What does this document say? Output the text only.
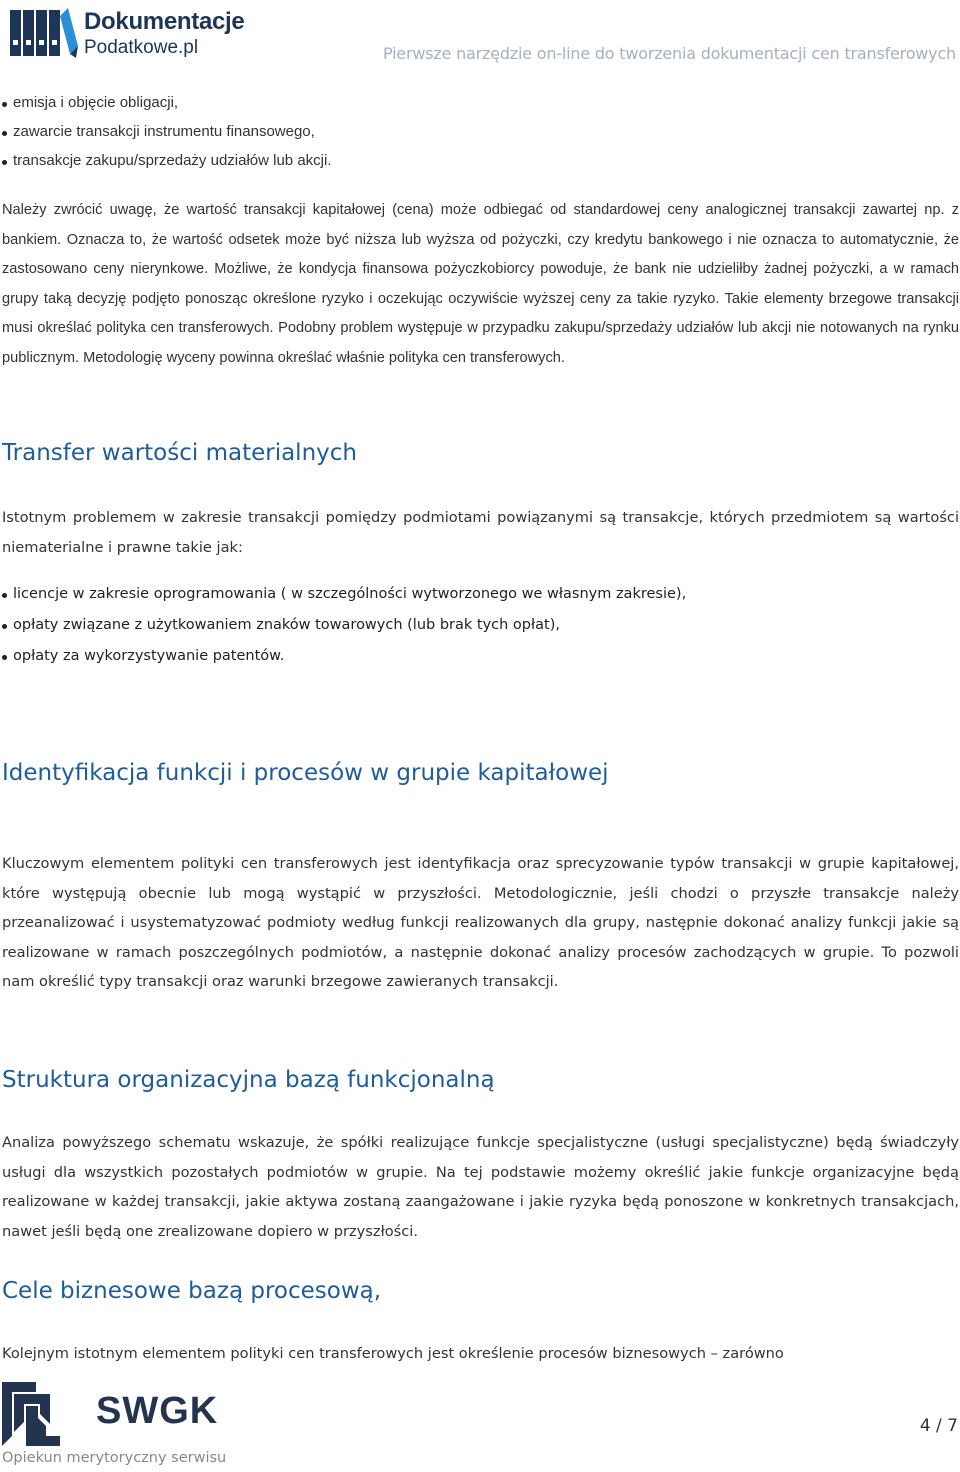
Dokumentacje
Podatkowe.pl	Pierwsze narzędzie on-line do tworzenia dokumentacji cen transferowych
emisja i objęcie obligacji,
zawarcie transakcji instrumentu finansowego,
transakcje zakupu/sprzedaży udziałów lub akcji.

Należy zwrócić uwagę, że wartość transakcji kapitałowej (cena) może odbiegać od standardowej ceny analogicznej transakcji zawartej np. z bankiem. Oznacza to, że wartość odsetek może być niższa lub wyższa od pożyczki, czy kredytu bankowego i nie oznacza to automatycznie, że zastosowano ceny nierynkowe. Możliwe, że kondycja finansowa pożyczkobiorcy powoduje, że bank nie udzieliłby żadnej pożyczki, a w ramach grupy taką decyzję podjęto ponosząc określone ryzyko i oczekując oczywiście wyższej ceny za takie ryzyko. Takie elementy brzegowe transakcji musi określać polityka cen transferowych. Podobny problem występuje w przypadku zakupu/sprzedaży udziałów lub akcji nie notowanych na rynku publicznym. Metodologię wyceny powinna określać właśnie polityka cen transferowych.

Transfer wartości materialnych

Istotnym problemem w zakresie transakcji pomiędzy podmiotami powiązanymi są transakcje, których przedmiotem są wartości niematerialne i prawne takie jak:

licencje w zakresie oprogramowania ( w szczególności wytworzonego we własnym zakresie),
opłaty związane z użytkowaniem znaków towarowych (lub brak tych opłat),
opłaty za wykorzystywanie patentów.
Identyfikacja funkcji i procesów w grupie kapitałowej

Kluczowym elementem polityki cen transferowych jest identyfikacja oraz sprecyzowanie typów transakcji w grupie kapitałowej, które występują obecnie lub mogą wystąpić w przyszłości. Metodologicznie, jeśli chodzi o przyszłe transakcje należy przeanalizować i usystematyzować podmioty według funkcji realizowanych dla grupy, następnie dokonać analizy funkcji jakie są realizowane w ramach poszczególnych podmiotów, a następnie dokonać analizy procesów zachodzących w grupie. To pozwoli nam określić typy transakcji oraz warunki brzegowe zawieranych transakcji.

Struktura organizacyjna bazą funkcjonalną

Analiza powyższego schematu wskazuje, że spółki realizujące funkcje specjalistyczne (usługi specjalistyczne) będą świadczyły usługi dla wszystkich pozostałych podmiotów w grupie. Na tej podstawie możemy określić jakie funkcje organizacyjne będą realizowane w każdej transakcji, jakie aktywa zostaną zaangażowane i jakie ryzyka będą ponoszone w konkretnych transakcjach, nawet jeśli będą one zrealizowane dopiero w przyszłości.

Cele biznesowe bazą procesową,

Kolejnym istotnym elementem polityki cen transferowych jest określenie procesów biznesowych – zarówno

SWGK
Opiekun merytoryczny serwisu
4 / 7
